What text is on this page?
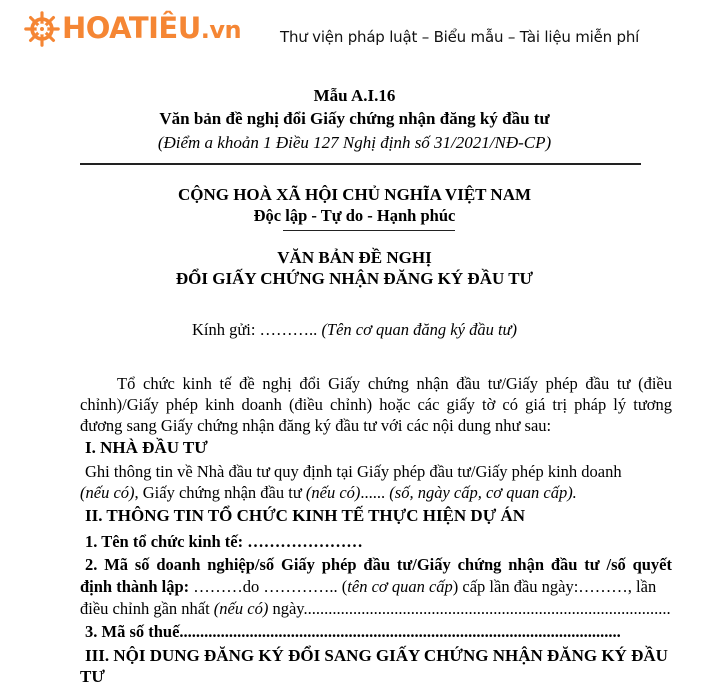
HOATIÊU.vn	Thư viện pháp luật – Biểu mẫu – Tài liệu miễn phí
Mẫu A.I.16
Văn bản đề nghị đổi Giấy chứng nhận đăng ký đầu tư
(Điểm a khoản 1 Điều 127 Nghị định số 31/2021/NĐ-CP)
CỘNG HOÀ XÃ HỘI CHỦ NGHĨA VIỆT NAM
Độc lập - Tự do - Hạnh phúc
VĂN BẢN ĐỀ NGHỊ
ĐỔI GIẤY CHỨNG NHẬN ĐĂNG KÝ ĐẦU TƯ
Kính gửi: ……….. (Tên cơ quan đăng ký đầu tư)
Tổ chức kinh tế đề nghị đổi Giấy chứng nhận đầu tư/Giấy phép đầu tư (điều
chỉnh)/Giấy phép kinh doanh (điều chỉnh) hoặc các giấy tờ có giá trị pháp lý tương
đương sang Giấy chứng nhận đăng ký đầu tư với các nội dung như sau:
I. NHÀ ĐẦU TƯ
Ghi thông tin về Nhà đầu tư quy định tại Giấy phép đầu tư/Giấy phép kinh doanh
(nếu có), Giấy chứng nhận đầu tư (nếu có)...... (số, ngày cấp, cơ quan cấp).
II. THÔNG TIN TỔ CHỨC KINH TẾ THỰC HIỆN DỰ ÁN
1. Tên tổ chức kinh tế: …………………
2. Mã số doanh nghiệp/số Giấy phép đầu tư/Giấy chứng nhận đầu tư /số quyết
định thành lập: ………do ………….. (tên cơ quan cấp) cấp lần đầu ngày:………, lần
điều chỉnh gần nhất (nếu có) ngày.........................................................................................
3. Mã số thuế...........................................................................................................
III. NỘI DUNG ĐĂNG KÝ ĐỔI SANG GIẤY CHỨNG NHẬN ĐĂNG KÝ ĐẦU
TƯ
